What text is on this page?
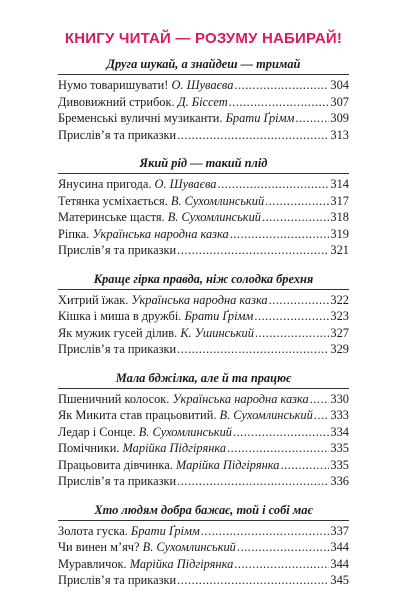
КНИГУ ЧИТАЙ — РОЗУМУ НАБИРАЙ!
Друга шукай, а знайдеш — тримай
Нумо товаришувати! О. Шуваєва .....	304
Дивовижний стрибок. Д. Біссет .....	307
Бременські вуличні музиканти. Брати Ґрімм .....	309
Прислів’я та приказки .....	313
Який рід — такий плід
Янусина пригода. О. Шуваєва .....	314
Тетянка усміхається. В. Сухомлинський .....	317
Материнське щастя. В. Сухомлинський .....	318
Ріпка. Українська народна казка .....	319
Прислів’я та приказки .....	321
Краще гірка правда, ніж солодка брехня
Хитрий їжак. Українська народна казка .....	322
Кішка і миша в дружбі. Брати Ґрімм .....	323
Як мужик гусей ділив. К. Ушинський .....	327
Прислів’я та приказки .....	329
Мала бджілка, але й та працює
Пшеничний колосок. Українська народна казка ..... 330
Як Микита став працьовитий. В. Сухомлинський ..... 333
Ледар і Сонце. В. Сухомлинський .....	334
Помічники. Марійка Підгірянка .....	335
Працьовита дівчинка. Марійка Підгірянка .....	335
Прислів’я та приказки .....	336
Хто людям добра бажає, той і собі має
Золота гуска. Брати Ґрімм .....	337
Чи винен м’яч? В. Сухомлинський .....	344
Муравличок. Марійка Підгірянка .....	344
Прислів’я та приказки .....	345
